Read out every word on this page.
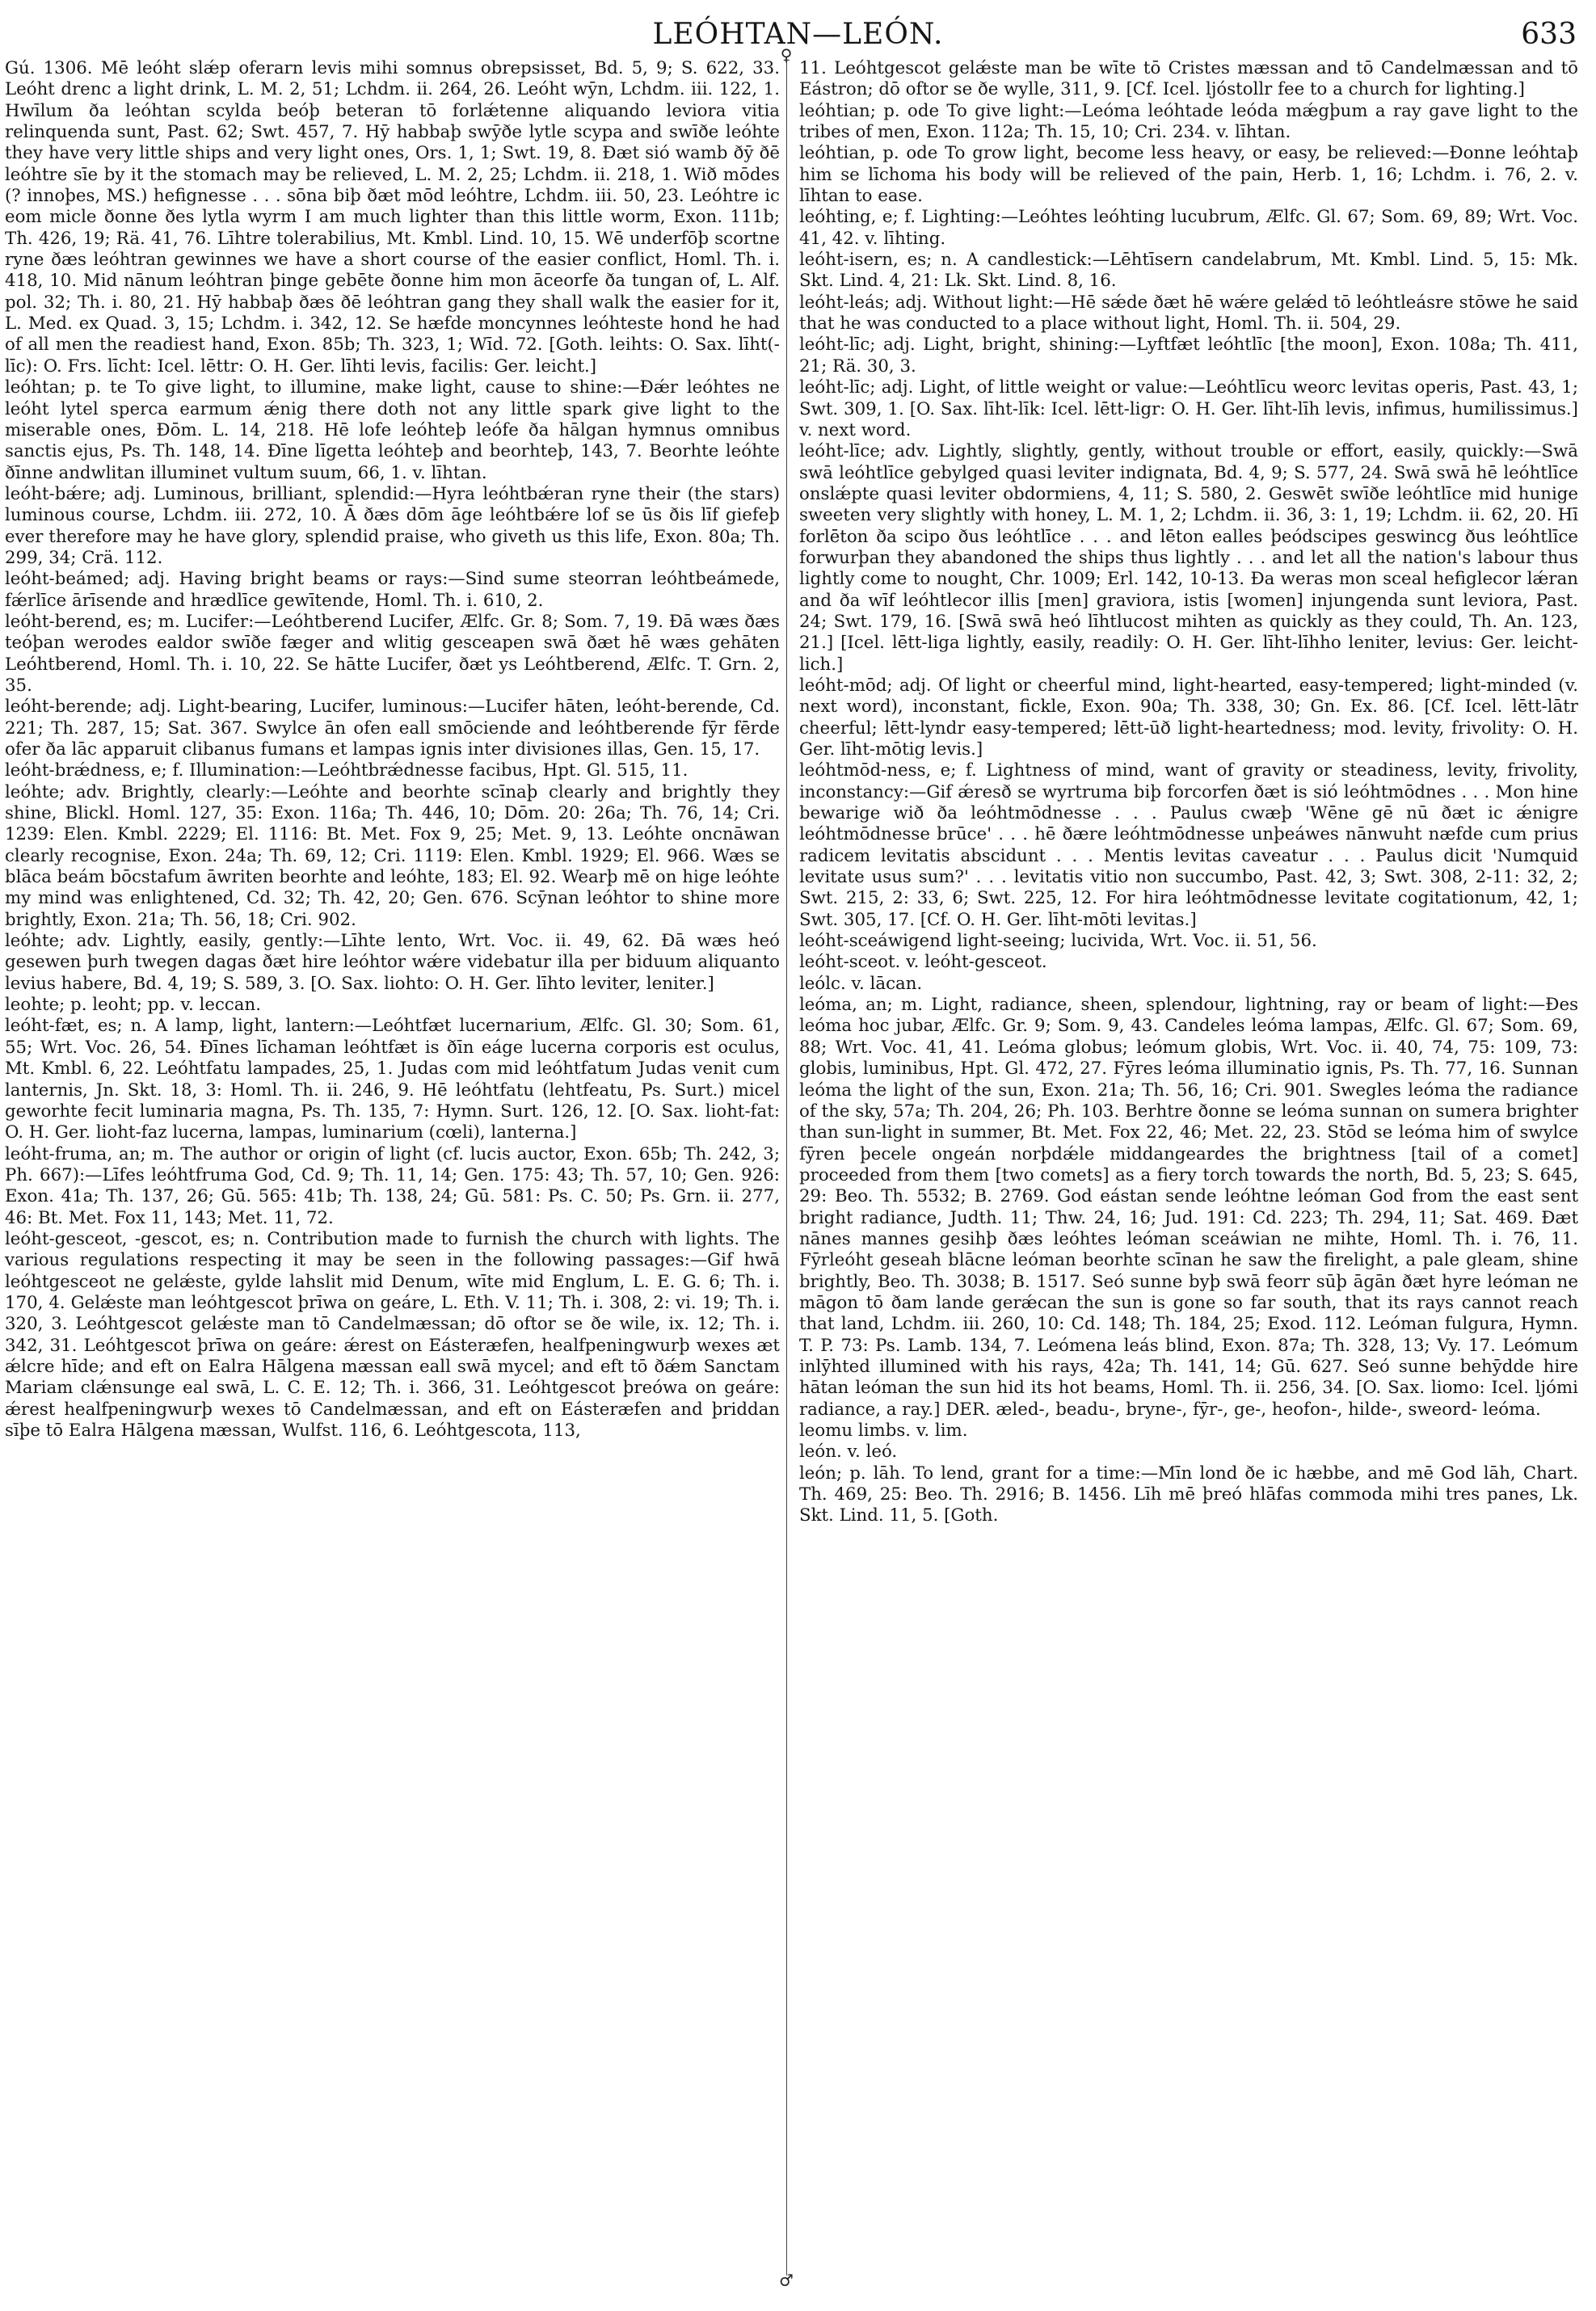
LEÓHTAN—LEÓN.	633
♀
♂

Gú. 1306. Mē leóht slǽp oferarn levis mihi somnus obrepsisset, Bd. 5, 9; S. 622, 33. Leóht drenc a light drink, L. M. 2, 51; Lchdm. ii. 264, 26. Leóht wȳn, Lchdm. iii. 122, 1. Hwīlum ða leóhtan scylda beóþ beteran tō forlǽtenne aliquando leviora vitia relinquenda sunt, Past. 62; Swt. 457, 7. Hȳ habbaþ swȳðe lytle scypa and swīðe leóhte they have very little ships and very light ones, Ors. 1, 1; Swt. 19, 8. Ðæt sió wamb ðȳ ðē leóhtre sīe by it the stomach may be relieved, L. M. 2, 25; Lchdm. ii. 218, 1. Wið mōdes (? innoþes, MS.) hefignesse . . . sōna biþ ðæt mōd leóhtre, Lchdm. iii. 50, 23. Leóhtre ic eom micle ðonne ðes lytla wyrm I am much lighter than this little worm, Exon. 111b; Th. 426, 19; Rä. 41, 76. Līhtre tolerabilius, Mt. Kmbl. Lind. 10, 15. Wē underfōþ scortne ryne ðæs leóhtran gewinnes we have a short course of the easier conflict, Homl. Th. i. 418, 10. Mid nānum leóhtran þinge gebēte ðonne him mon āceorfe ða tungan of, L. Alf. pol. 32; Th. i. 80, 21. Hȳ habbaþ ðæs ðē leóhtran gang they shall walk the easier for it, L. Med. ex Quad. 3, 15; Lchdm. i. 342, 12. Se hæfde moncynnes leóhteste hond he had of all men the readiest hand, Exon. 85b; Th. 323, 1; Wīd. 72. [Goth. leihts: O. Sax. līht(-līc): O. Frs. līcht: Icel. lēttr: O. H. Ger. līhti levis, facilis: Ger. leicht.]

leóhtan; p. te To give light, to illumine, make light, cause to shine:—Ðǽr leóhtes ne leóht lytel sperca earmum ǽnig there doth not any little spark give light to the miserable ones, Ðōm. L. 14, 218. Hē lofe leóhteþ leófe ða hālgan hymnus omnibus sanctis ejus, Ps. Th. 148, 14. Ðīne līgetta leóhteþ and beorhteþ, 143, 7. Beorhte leóhte ðīnne andwlitan illuminet vultum suum, 66, 1. v. līhtan.

leóht-bǽre; adj. Luminous, brilliant, splendid:—Hyra leóhtbǽran ryne their (the stars) luminous course, Lchdm. iii. 272, 10. Ā ðæs dōm āge leóhtbǽre lof se ūs ðis līf giefeþ ever therefore may he have glory, splendid praise, who giveth us this life, Exon. 80a; Th. 299, 34; Crä. 112.

leóht-beámed; adj. Having bright beams or rays:—Sind sume steorran leóhtbeámede, fǽrlīce ārīsende and hrædlīce gewītende, Homl. Th. i. 610, 2.

leóht-berend, es; m. Lucifer:—Leóhtberend Lucifer, Ælfc. Gr. 8; Som. 7, 19. Ðā wæs ðæs teóþan werodes ealdor swīðe fæger and wlitig gesceapen swā ðæt hē wæs gehāten Leóhtberend, Homl. Th. i. 10, 22. Se hātte Lucifer, ðæt ys Leóhtberend, Ælfc. T. Grn. 2, 35.

leóht-berende; adj. Light-bearing, Lucifer, luminous:—Lucifer hāten, leóht-berende, Cd. 221; Th. 287, 15; Sat. 367. Swylce ān ofen eall smōciende and leóhtberende fȳr fērde ofer ða lāc apparuit clibanus fumans et lampas ignis inter divisiones illas, Gen. 15, 17.

leóht-brǽdness, e; f. Illumination:—Leóhtbrǽdnesse facibus, Hpt. Gl. 515, 11.

leóhte; adv. Brightly, clearly:—Leóhte and beorhte scīnaþ clearly and brightly they shine, Blickl. Homl. 127, 35: Exon. 116a; Th. 446, 10; Dōm. 20: 26a; Th. 76, 14; Cri. 1239: Elen. Kmbl. 2229; El. 1116: Bt. Met. Fox 9, 25; Met. 9, 13. Leóhte oncnāwan clearly recognise, Exon. 24a; Th. 69, 12; Cri. 1119: Elen. Kmbl. 1929; El. 966. Wæs se blāca beám bōcstafum āwriten beorhte and leóhte, 183; El. 92. Wearþ mē on hige leóhte my mind was enlightened, Cd. 32; Th. 42, 20; Gen. 676. Scȳnan leóhtor to shine more brightly, Exon. 21a; Th. 56, 18; Cri. 902.

leóhte; adv. Lightly, easily, gently:—Līhte lento, Wrt. Voc. ii. 49, 62. Ðā wæs heó gesewen þurh twegen dagas ðæt hire leóhtor wǽre videbatur illa per biduum aliquanto levius habere, Bd. 4, 19; S. 589, 3. [O. Sax. liohto: O. H. Ger. līhto leviter, leniter.]

leohte; p. leoht; pp. v. leccan.

leóht-fæt, es; n. A lamp, light, lantern:—Leóhtfæt lucernarium, Ælfc. Gl. 30; Som. 61, 55; Wrt. Voc. 26, 54. Ðīnes līchaman leóhtfæt is ðīn eáge lucerna corporis est oculus, Mt. Kmbl. 6, 22. Leóhtfatu lampades, 25, 1. Judas com mid leóhtfatum Judas venit cum lanternis, Jn. Skt. 18, 3: Homl. Th. ii. 246, 9. Hē leóhtfatu (lehtfeatu, Ps. Surt.) micel geworhte fecit luminaria magna, Ps. Th. 135, 7: Hymn. Surt. 126, 12. [O. Sax. lioht-fat: O. H. Ger. lioht-faz lucerna, lampas, luminarium (cœli), lanterna.]

leóht-fruma, an; m. The author or origin of light (cf. lucis auctor, Exon. 65b; Th. 242, 3; Ph. 667):—Līfes leóhtfruma God, Cd. 9; Th. 11, 14; Gen. 175: 43; Th. 57, 10; Gen. 926: Exon. 41a; Th. 137, 26; Gū. 565: 41b; Th. 138, 24; Gū. 581: Ps. C. 50; Ps. Grn. ii. 277, 46: Bt. Met. Fox 11, 143; Met. 11, 72.

leóht-gesceot, -gescot, es; n. Contribution made to furnish the church with lights. The various regulations respecting it may be seen in the following passages:—Gif hwā leóhtgesceot ne gelǽste, gylde lahslit mid Denum, wīte mid Englum, L. E. G. 6; Th. i. 170, 4. Gelǽste man leóhtgescot þrīwa on geáre, L. Eth. V. 11; Th. i. 308, 2: vi. 19; Th. i. 320, 3. Leóhtgescot gelǽste man tō Candelmæssan; dō oftor se ðe wile, ix. 12; Th. i. 342, 31. Leóhtgescot þrīwa on geáre: ǽrest on Eásteræfen, healfpeningwurþ wexes æt ǽlcre hīde; and eft on Ealra Hālgena mæssan eall swā mycel; and eft tō ðǽm Sanctam Mariam clǽnsunge eal swā, L. C. E. 12; Th. i. 366, 31. Leóhtgescot þreówa on geáre: ǽrest healfpeningwurþ wexes tō Candelmæssan, and eft on Eásteræfen and þriddan sīþe tō Ealra Hālgena mæssan, Wulfst. 116, 6. Leóhtgescota, 113,

11. Leóhtgescot gelǽste man be wīte tō Cristes mæssan and tō Candelmæssan and tō Eástron; dō oftor se ðe wylle, 311, 9. [Cf. Icel. ljóstollr fee to a church for lighting.]

leóhtian; p. ode To give light:—Leóma leóhtade leóda mǽgþum a ray gave light to the tribes of men, Exon. 112a; Th. 15, 10; Cri. 234. v. līhtan.

leóhtian, p. ode To grow light, become less heavy, or easy, be relieved:—Ðonne leóhtaþ him se līchoma his body will be relieved of the pain, Herb. 1, 16; Lchdm. i. 76, 2. v. līhtan to ease.

leóhting, e; f. Lighting:—Leóhtes leóhting lucubrum, Ælfc. Gl. 67; Som. 69, 89; Wrt. Voc. 41, 42. v. līhting.

leóht-isern, es; n. A candlestick:—Lēhtīsern candelabrum, Mt. Kmbl. Lind. 5, 15: Mk. Skt. Lind. 4, 21: Lk. Skt. Lind. 8, 16.

leóht-leás; adj. Without light:—Hē sǽde ðæt hē wǽre gelǽd tō leóhtleásre stōwe he said that he was conducted to a place without light, Homl. Th. ii. 504, 29.

leóht-līc; adj. Light, bright, shining:—Lyftfæt leóhtlīc [the moon], Exon. 108a; Th. 411, 21; Rä. 30, 3.

leóht-līc; adj. Light, of little weight or value:—Leóhtlīcu weorc levitas operis, Past. 43, 1; Swt. 309, 1. [O. Sax. līht-līk: Icel. lētt-ligr: O. H. Ger. līht-līh levis, infimus, humilissimus.] v. next word.

leóht-līce; adv. Lightly, slightly, gently, without trouble or effort, easily, quickly:—Swā swā leóhtlīce gebylged quasi leviter indignata, Bd. 4, 9; S. 577, 24. Swā swā hē leóhtlīce onslǽpte quasi leviter obdormiens, 4, 11; S. 580, 2. Geswēt swīðe leóhtlīce mid hunige sweeten very slightly with honey, L. M. 1, 2; Lchdm. ii. 36, 3: 1, 19; Lchdm. ii. 62, 20. Hī forlēton ða scipo ðus leóhtlīce . . . and lēton ealles þeódscipes geswincg ðus leóhtlīce forwurþan they abandoned the ships thus lightly . . . and let all the nation's labour thus lightly come to nought, Chr. 1009; Erl. 142, 10-13. Ða weras mon sceal hefiglecor lǽran and ða wīf leóhtlecor illis [men] graviora, istis [women] injungenda sunt leviora, Past. 24; Swt. 179, 16. [Swā swā heó līhtlucost mihten as quickly as they could, Th. An. 123, 21.] [Icel. lētt-liga lightly, easily, readily: O. H. Ger. līht-līhho leniter, levius: Ger. leicht-lich.]

leóht-mōd; adj. Of light or cheerful mind, light-hearted, easy-tempered; light-minded (v. next word), inconstant, fickle, Exon. 90a; Th. 338, 30; Gn. Ex. 86. [Cf. Icel. lētt-lātr cheerful; lētt-lyndr easy-tempered; lētt-ūð light-heartedness; mod. levity, frivolity: O. H. Ger. līht-mōtig levis.]

leóhtmōd-ness, e; f. Lightness of mind, want of gravity or steadiness, levity, frivolity, inconstancy:—Gif ǽresð se wyrtruma biþ forcorfen ðæt is sió leóhtmōdnes . . . Mon hine bewarige wið ða leóhtmōdnesse . . . Paulus cwæþ 'Wēne gē nū ðæt ic ǽnigre leóhtmōdnesse brūce' . . . hē ðære leóhtmōdnesse unþeáwes nānwuht næfde cum prius radicem levitatis abscidunt . . . Mentis levitas caveatur . . . Paulus dicit 'Numquid levitate usus sum?' . . . levitatis vitio non succumbo, Past. 42, 3; Swt. 308, 2-11: 32, 2; Swt. 215, 2: 33, 6; Swt. 225, 12. For hira leóhtmōdnesse levitate cogitationum, 42, 1; Swt. 305, 17. [Cf. O. H. Ger. līht-mōti levitas.]

leóht-sceáwigend light-seeing; lucivida, Wrt. Voc. ii. 51, 56.

leóht-sceot. v. leóht-gesceot.

leólc. v. lācan.

leóma, an; m. Light, radiance, sheen, splendour, lightning, ray or beam of light:—Ðes leóma hoc jubar, Ælfc. Gr. 9; Som. 9, 43. Candeles leóma lampas, Ælfc. Gl. 67; Som. 69, 88; Wrt. Voc. 41, 41. Leóma globus; leómum globis, Wrt. Voc. ii. 40, 74, 75: 109, 73: globis, luminibus, Hpt. Gl. 472, 27. Fȳres leóma illuminatio ignis, Ps. Th. 77, 16. Sunnan leóma the light of the sun, Exon. 21a; Th. 56, 16; Cri. 901. Swegles leóma the radiance of the sky, 57a; Th. 204, 26; Ph. 103. Berhtre ðonne se leóma sunnan on sumera brighter than sun-light in summer, Bt. Met. Fox 22, 46; Met. 22, 23. Stōd se leóma him of swylce fȳren þecele ongeán norþdǽle middangeardes the brightness [tail of a comet] proceeded from them [two comets] as a fiery torch towards the north, Bd. 5, 23; S. 645, 29: Beo. Th. 5532; B. 2769. God eástan sende leóhtne leóman God from the east sent bright radiance, Judth. 11; Thw. 24, 16; Jud. 191: Cd. 223; Th. 294, 11; Sat. 469. Ðæt nānes mannes gesihþ ðæs leóhtes leóman sceáwian ne mihte, Homl. Th. i. 76, 11. Fȳrleóht geseah blācne leóman beorhte scīnan he saw the firelight, a pale gleam, shine brightly, Beo. Th. 3038; B. 1517. Seó sunne byþ swā feorr sūþ āgān ðæt hyre leóman ne māgon tō ðam lande gerǽcan the sun is gone so far south, that its rays cannot reach that land, Lchdm. iii. 260, 10: Cd. 148; Th. 184, 25; Exod. 112. Leóman fulgura, Hymn. T. P. 73: Ps. Lamb. 134, 7. Leómena leás blind, Exon. 87a; Th. 328, 13; Vy. 17. Leómum inlȳhted illumined with his rays, 42a; Th. 141, 14; Gū. 627. Seó sunne behȳdde hire hātan leóman the sun hid its hot beams, Homl. Th. ii. 256, 34. [O. Sax. liomo: Icel. ljómi radiance, a ray.] DER. æled-, beadu-, bryne-, fȳr-, ge-, heofon-, hilde-, sweord- leóma.

leomu limbs. v. lim.

león. v. leó.

león; p. lāh. To lend, grant for a time:—Mīn lond ðe ic hæbbe, and mē God lāh, Chart. Th. 469, 25: Beo. Th. 2916; B. 1456. Līh mē þreó hlāfas commoda mihi tres panes, Lk. Skt. Lind. 11, 5. [Goth.
